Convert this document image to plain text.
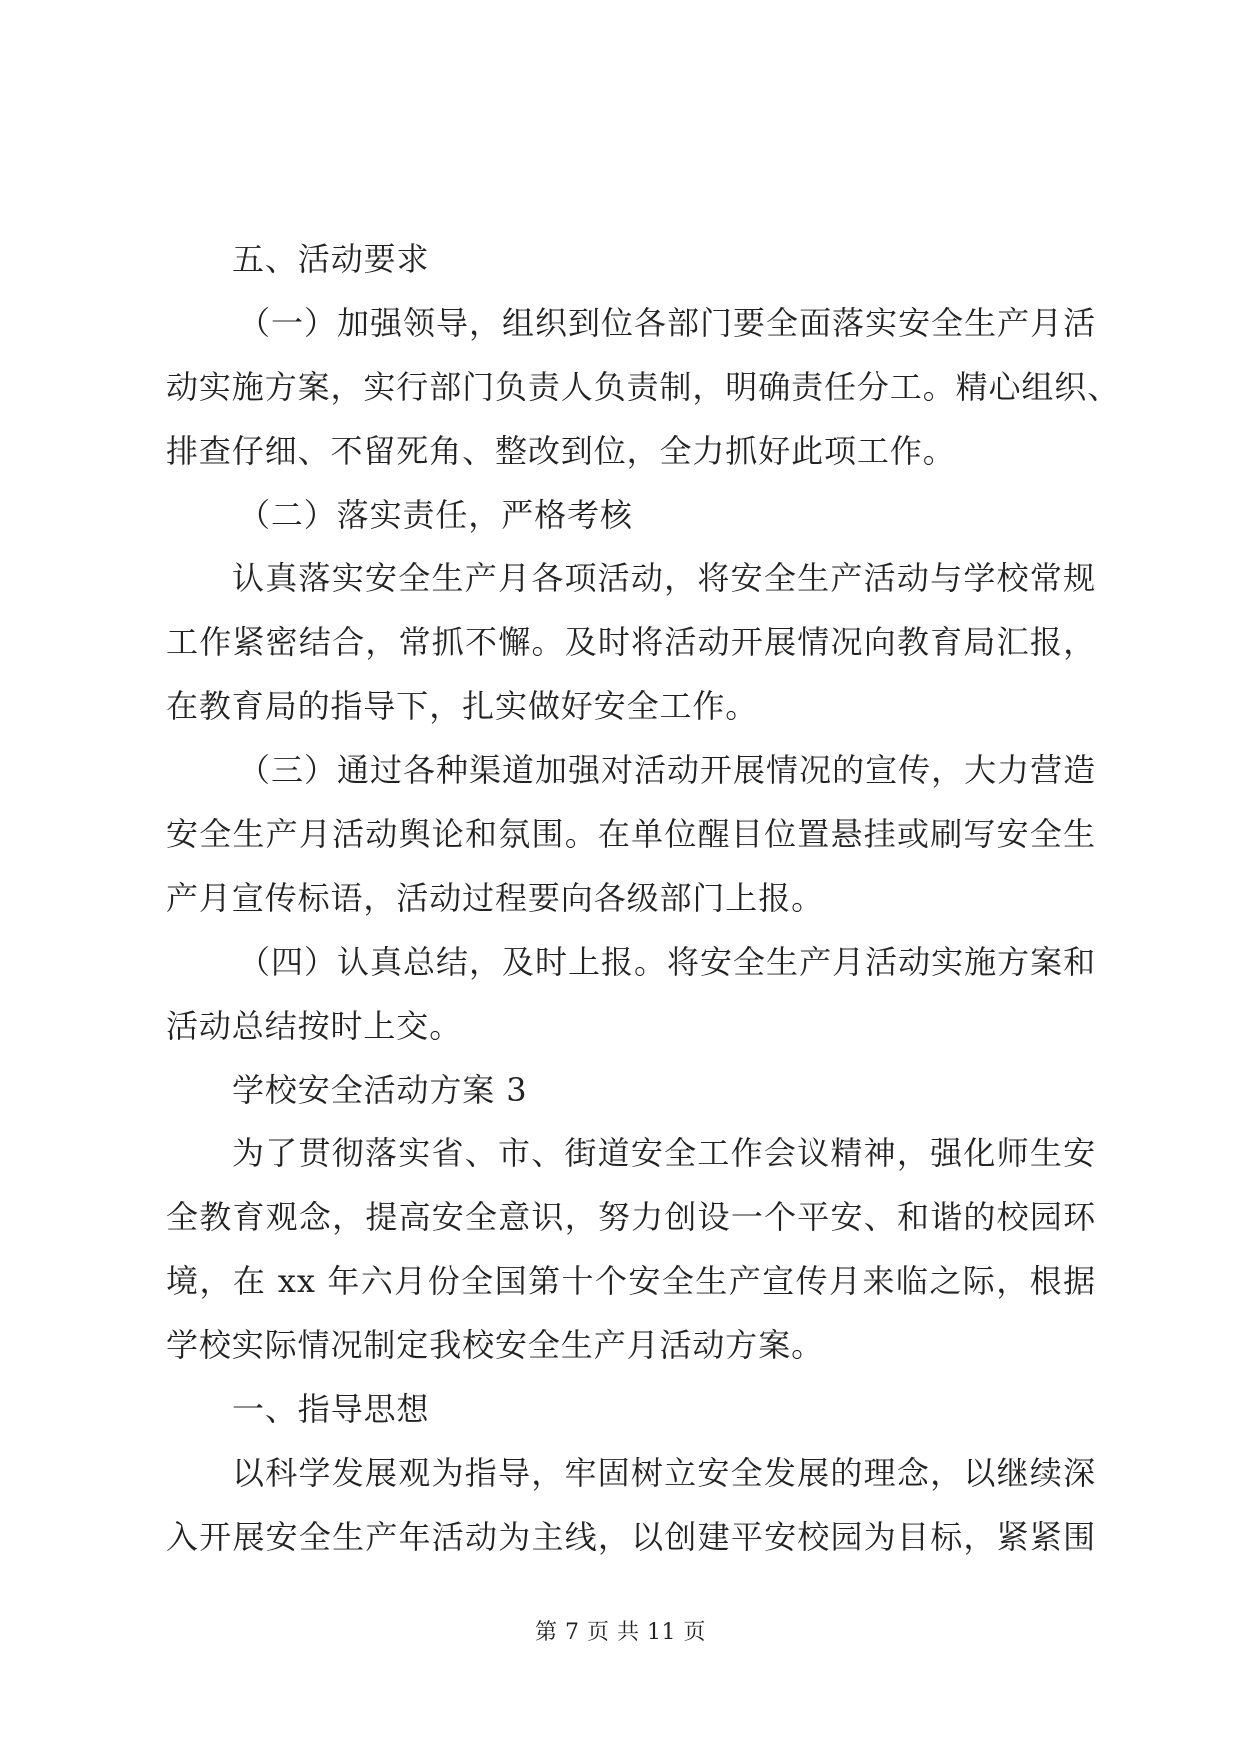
五、活动要求
（一）加强领导，组织到位各部门要全面落实安全生产月活
动实施方案，实行部门负责人负责制，明确责任分工。精心组织、
排查仔细、不留死角、整改到位，全力抓好此项工作。
（二）落实责任，严格考核
认真落实安全生产月各项活动，将安全生产活动与学校常规
工作紧密结合，常抓不懈。及时将活动开展情况向教育局汇报，
在教育局的指导下，扎实做好安全工作。
（三）通过各种渠道加强对活动开展情况的宣传，大力营造
安全生产月活动舆论和氛围。在单位醒目位置悬挂或刷写安全生
产月宣传标语，活动过程要向各级部门上报。
（四）认真总结，及时上报。将安全生产月活动实施方案和
活动总结按时上交。
学校安全活动方案 3
为了贯彻落实省、市、街道安全工作会议精神，强化师生安
全教育观念，提高安全意识，努力创设一个平安、和谐的校园环
境，在 xx 年六月份全国第十个安全生产宣传月来临之际，根据
学校实际情况制定我校安全生产月活动方案。
一、指导思想
以科学发展观为指导，牢固树立安全发展的理念，以继续深
入开展安全生产年活动为主线，以创建平安校园为目标，紧紧围
第 7 页 共 11 页
